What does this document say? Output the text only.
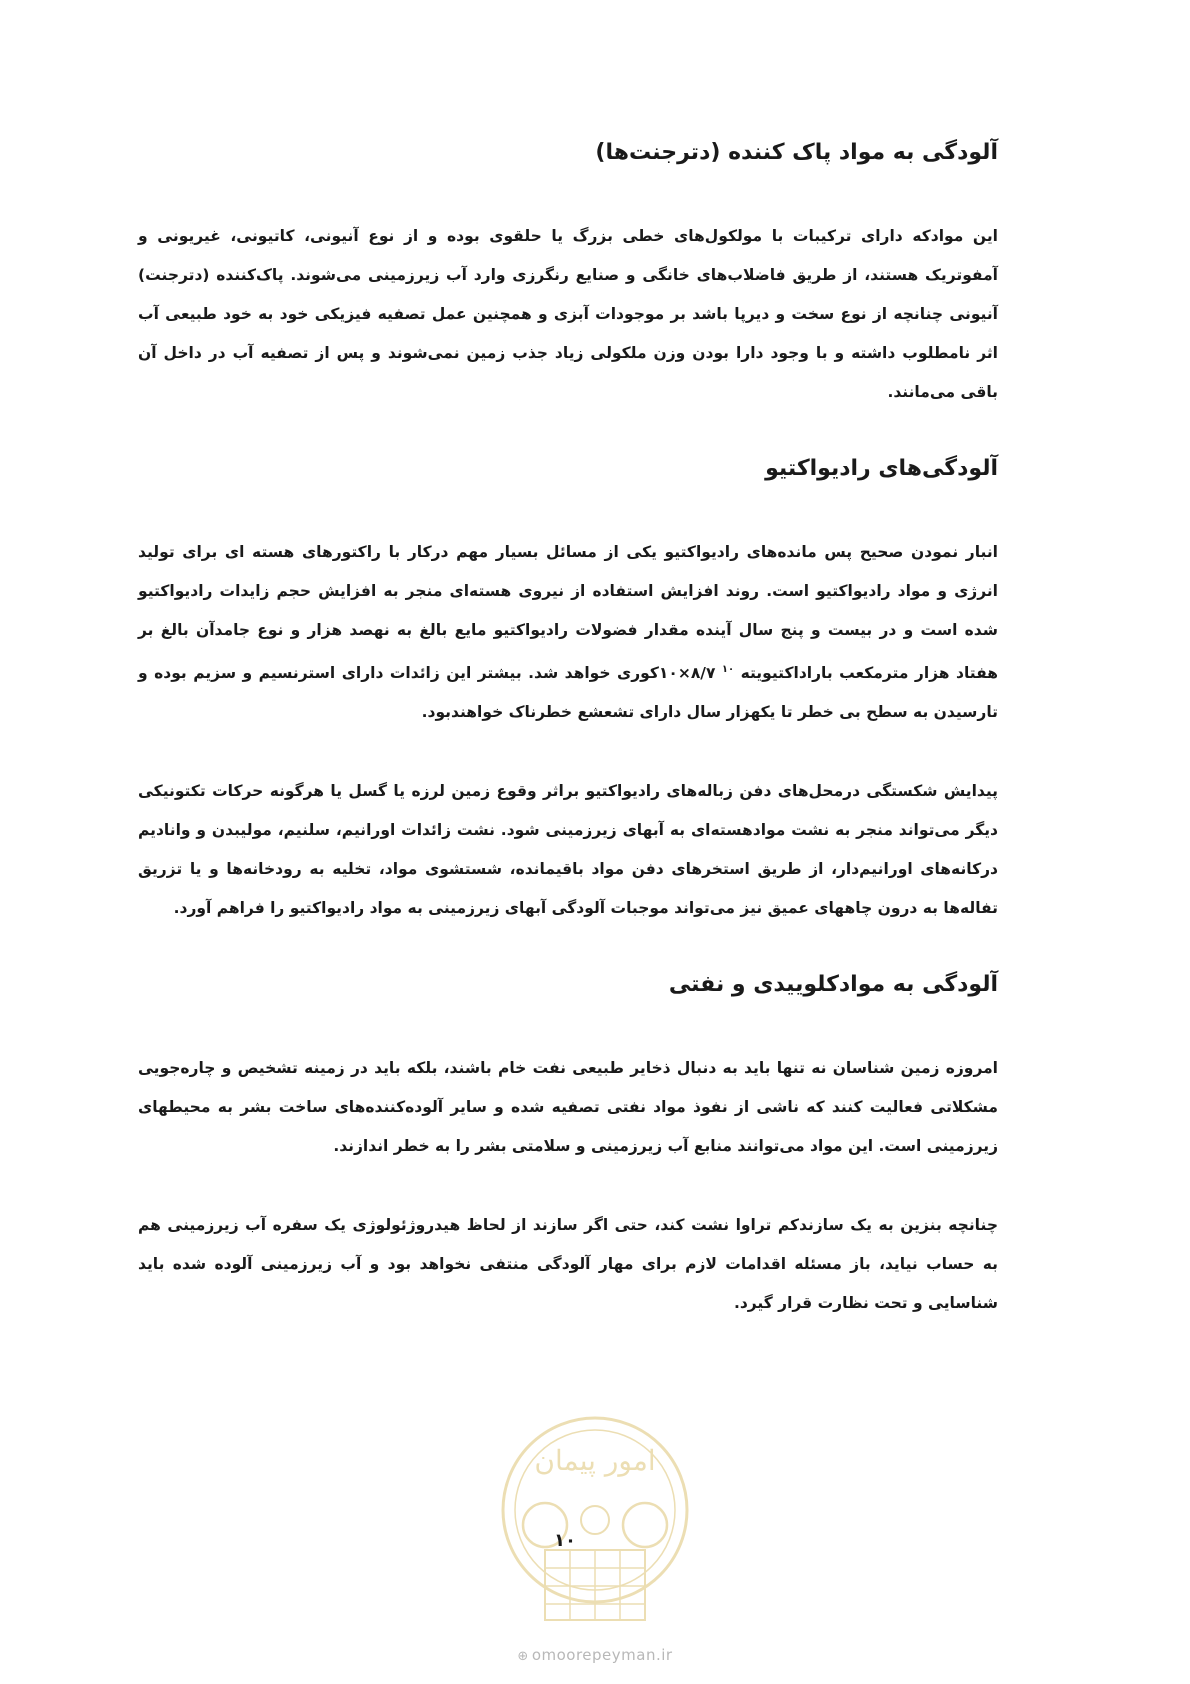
آلودگی به مواد پاک کننده (دترجنت‌ها)

این موادکه دارای ترکیبات با مولکول‌های خطی بزرگ یا حلقوی بوده و از نوع آنیونی، کاتیونی، غیریونی و آمفوتریک هستند، از طریق فاضلاب‌های خانگی و صنایع رنگرزی وارد آب زیرزمینی می‌شوند. پاک‌کننده (دترجنت) آنیونی چنانچه از نوع سخت و دیرپا باشد بر موجودات آبزی و همچنین عمل تصفیه فیزیکی خود به خود طبیعی آب اثر نامطلوب داشته و با وجود دارا بودن وزن ملکولی زیاد جذب زمین نمی‌شوند و پس از تصفیه آب در داخل آن باقی می‌مانند.

آلودگی‌های رادیواکتیو

انبار نمودن صحیح پس مانده‌های رادیواکتیو یکی از مسائل بسیار مهم درکار با راکتورهای هسته ای برای تولید انرژی و مواد رادیواکتیو است. روند افزایش استفاده از نیروی هسته‌ای منجر به افزایش حجم زایدات رادیواکتیو شده است و در بیست و پنج سال آینده مقدار فضولات رادیواکتیو مایع بالغ به نهصد هزار و نوع جامدآن بالغ بر هفتاد هزار مترمکعب باراداکتیویته $^{۱۰}$ ۸/۷×۱۰کوری خواهد شد. بیشتر این زائدات دارای استرنسیم و سزیم بوده و تارسیدن به سطح بی خطر تا یکهزار سال دارای تشعشع خطرناک خواهندبود.

پیدایش شکستگی درمحل‌های دفن زباله‌های رادیواکتیو براثر وقوع زمین لرزه یا گسل یا هرگونه حرکات تکتونیکی دیگر می‌تواند منجر به نشت موادهسته‌ای به آبهای زیرزمینی شود. نشت زائدات اورانیم، سلنیم، مولیبدن و وانادیم درکانه‌های اورانیم‌دار، از طریق استخرهای دفن مواد باقیمانده، شستشوی مواد، تخلیه به رودخانه‌ها و یا تزریق تفاله‌ها به درون چاههای عمیق نیز می‌تواند موجبات آلودگی آبهای زیرزمینی به مواد رادیواکتیو را فراهم آورد.

آلودگی به موادکلوییدی و نفتی

امروزه زمین شناسان نه تنها باید به دنبال ذخایر طبیعی نفت خام باشند، بلکه باید در زمینه تشخیص و چاره‌جویی مشکلاتی فعالیت کنند که ناشی از نفوذ مواد نفتی تصفیه شده و سایر آلوده‌کننده‌های ساخت بشر به محیطهای زیرزمینی است. این مواد می‌توانند منابع آب زیرزمینی و سلامتی بشر را به خطر اندازند.

چنانچه بنزین به یک سازندکم تراوا نشت کند، حتی اگر سازند از لحاظ هیدروژئولوژی یک سفره آب زیرزمینی هم به حساب نیاید، باز مسئله اقدامات لازم برای مهار آلودگی منتفی نخواهد بود و آب زیرزمینی آلوده شده باید شناسایی و تحت نظارت قرار گیرد.

امور پیمان
۱۰
⊕ omoorepeyman.ir
